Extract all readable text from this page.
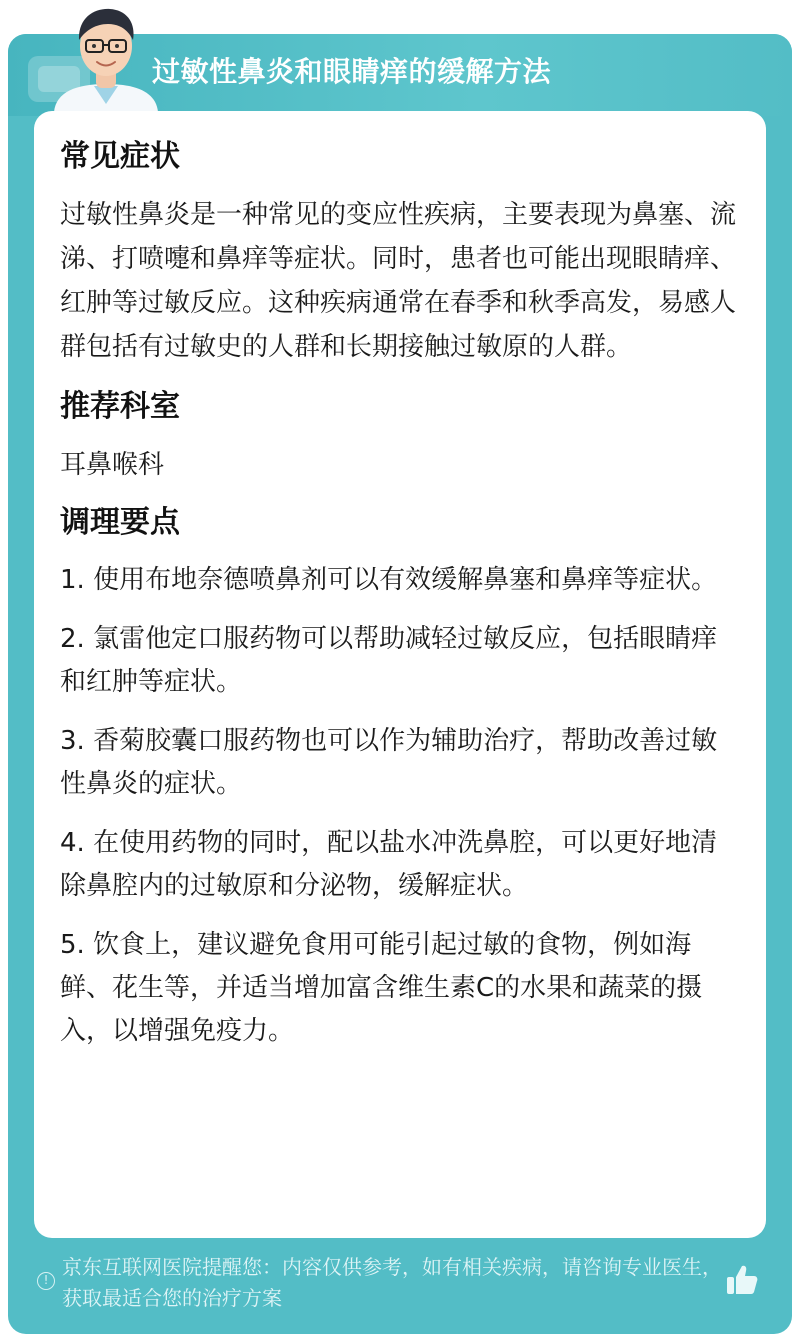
过敏性鼻炎和眼睛痒的缓解方法
常见症状
过敏性鼻炎是一种常见的变应性疾病，主要表现为鼻塞、流涕、打喷嚏和鼻痒等症状。同时，患者也可能出现眼睛痒、红肿等过敏反应。这种疾病通常在春季和秋季高发，易感人群包括有过敏史的人群和长期接触过敏原的人群。
推荐科室
耳鼻喉科
调理要点
1. 使用布地奈德喷鼻剂可以有效缓解鼻塞和鼻痒等症状。
2. 氯雷他定口服药物可以帮助减轻过敏反应，包括眼睛痒和红肿等症状。
3. 香菊胶囊口服药物也可以作为辅助治疗，帮助改善过敏性鼻炎的症状。
4. 在使用药物的同时，配以盐水冲洗鼻腔，可以更好地清除鼻腔内的过敏原和分泌物，缓解症状。
5. 饮食上，建议避免食用可能引起过敏的食物，例如海鲜、花生等，并适当增加富含维生素C的水果和蔬菜的摄入，以增强免疫力。
!
京东互联网医院提醒您：内容仅供参考，如有相关疾病，请咨询专业医生，获取最适合您的治疗方案
